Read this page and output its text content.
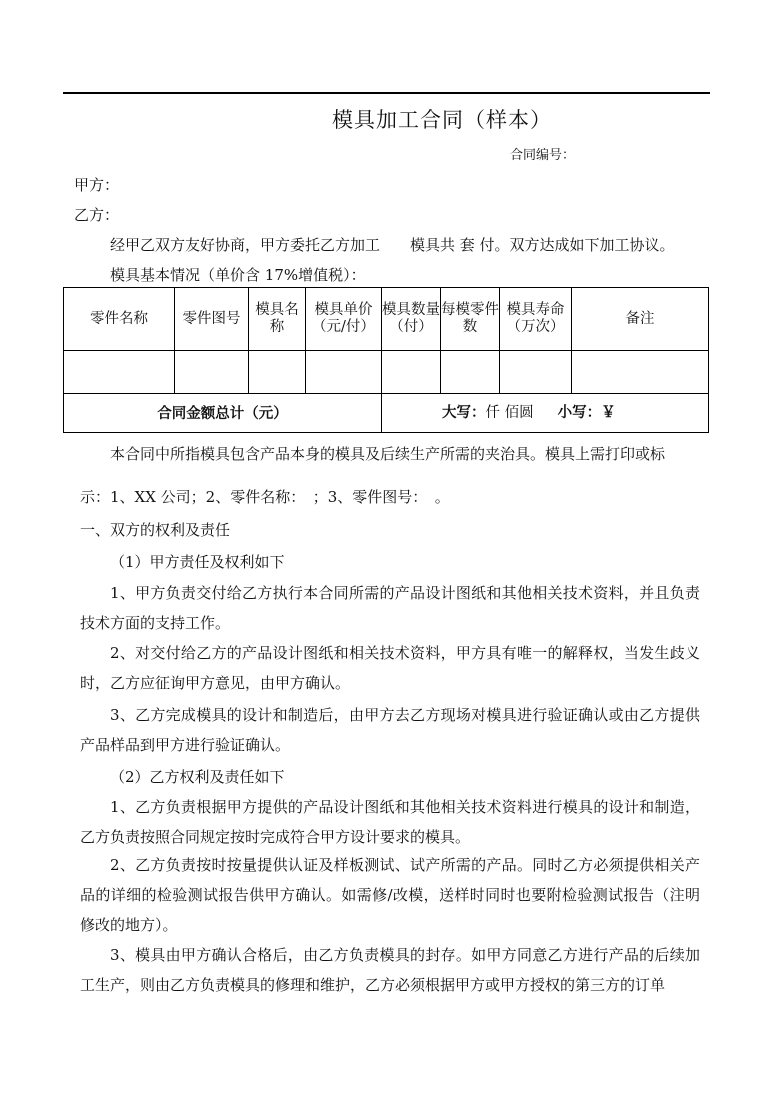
模具加工合同（样本）
合同编号：
甲方：
乙方：
经甲乙双方友好协商，甲方委托乙方加工　　模具共 套 付。双方达成如下加工协议。
模具基本情况（单价含 17%增值税）：
零件名称	零件图号	模具名称	模具单价（元/付）	模具数量（付）	每模零件数	模具寿命（万次）	备注

合同金额总计（元）				大写：仟 佰圆 小写：￥			
本合同中所指模具包含产品本身的模具及后续生产所需的夹治具。模具上需打印或标
示：1、XX 公司；2、零件名称：　；3、零件图号：　。
一、双方的权利及责任
（1）甲方责任及权利如下
1、甲方负责交付给乙方执行本合同所需的产品设计图纸和其他相关技术资料，并且负责技术方面的支持工作。
2、对交付给乙方的产品设计图纸和相关技术资料，甲方具有唯一的解释权，当发生歧义时，乙方应征询甲方意见，由甲方确认。
3、乙方完成模具的设计和制造后，由甲方去乙方现场对模具进行验证确认或由乙方提供产品样品到甲方进行验证确认。
（2）乙方权利及责任如下
1、乙方负责根据甲方提供的产品设计图纸和其他相关技术资料进行模具的设计和制造，乙方负责按照合同规定按时完成符合甲方设计要求的模具。
2、乙方负责按时按量提供认证及样板测试、试产所需的产品。同时乙方必须提供相关产品的详细的检验测试报告供甲方确认。如需修/改模，送样时同时也要附检验测试报告（注明修改的地方）。
3、模具由甲方确认合格后，由乙方负责模具的封存。如甲方同意乙方进行产品的后续加工生产，则由乙方负责模具的修理和维护，乙方必须根据甲方或甲方授权的第三方的订单
